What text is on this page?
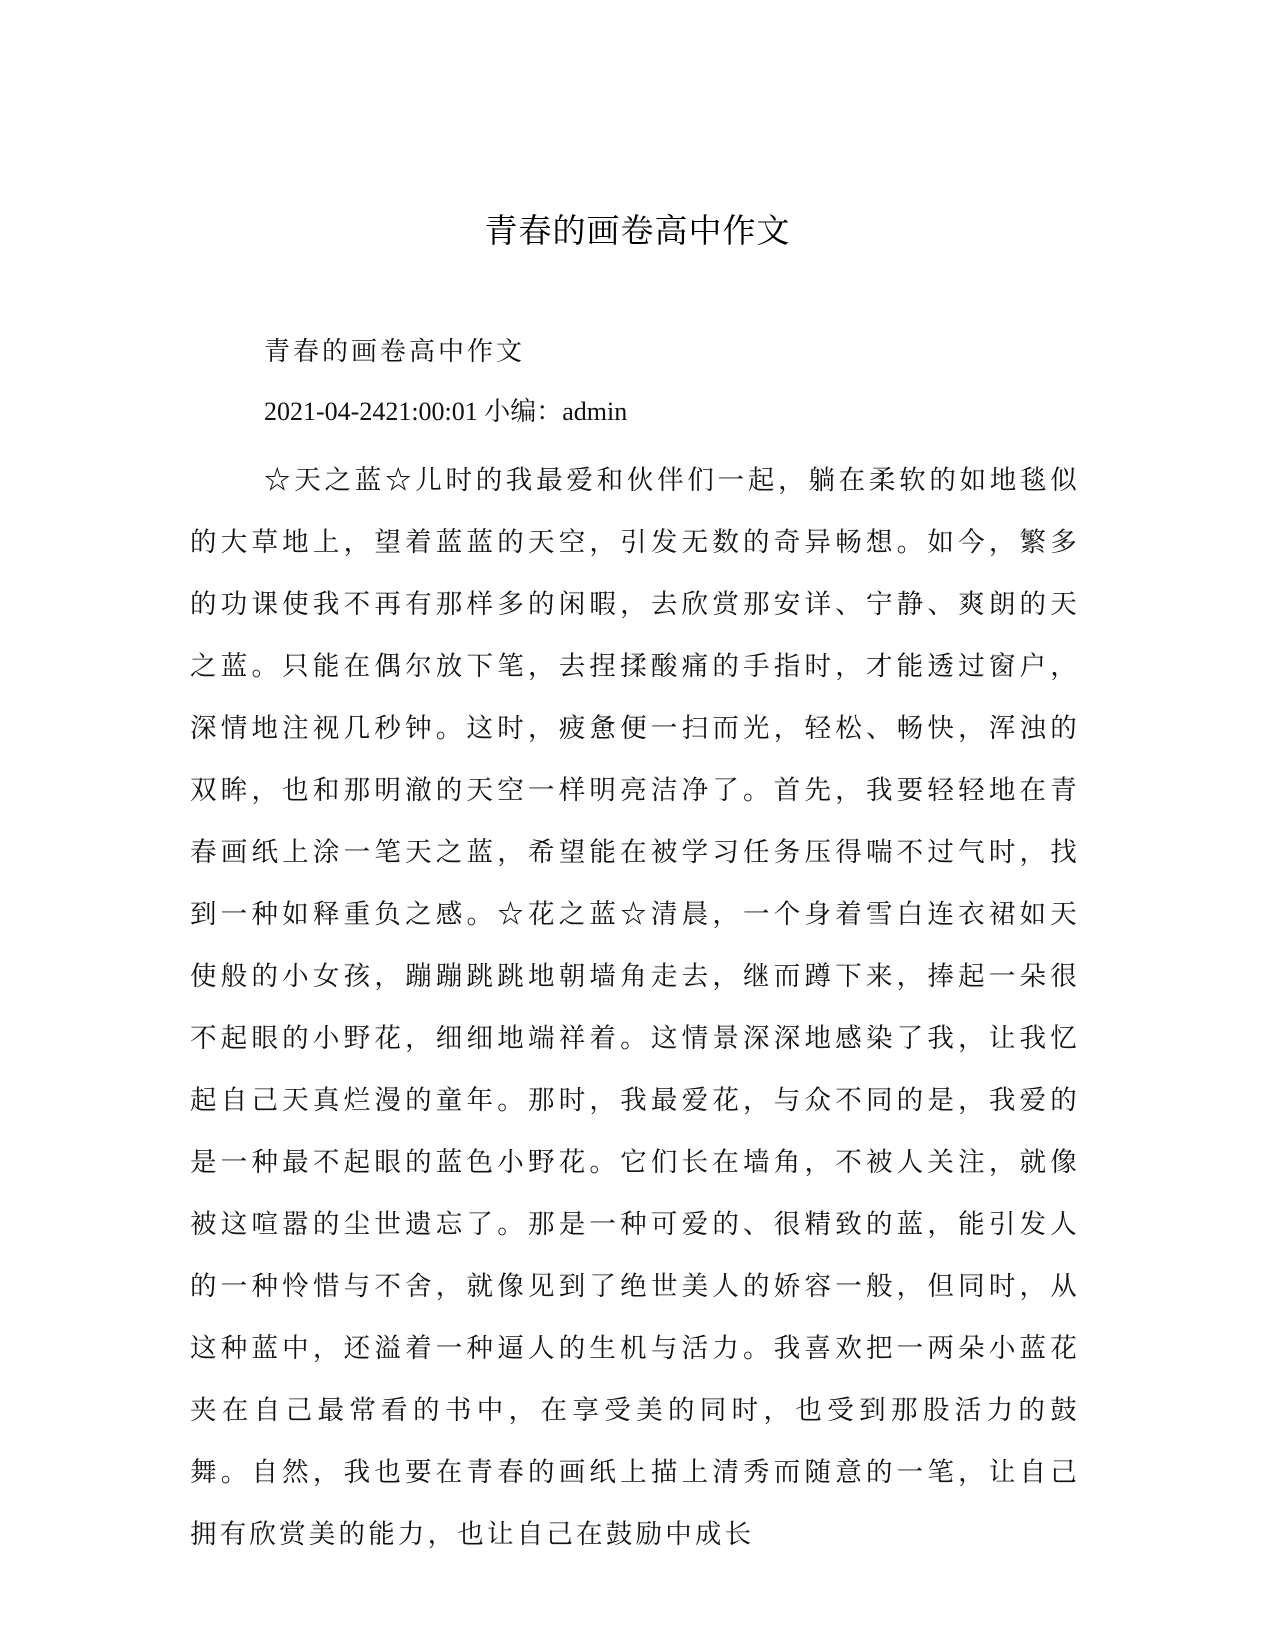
青春的画卷高中作文
青春的画卷高中作文
2021-04-2421:00:01 小编：admin

☆天之蓝☆儿时的我最爱和伙伴们一起，躺在柔软的如地毯似的大草地上，望着蓝蓝的天空，引发无数的奇异畅想。如今，繁多的功课使我不再有那样多的闲暇，去欣赏那安详、宁静、爽朗的天之蓝。只能在偶尔放下笔，去捏揉酸痛的手指时，才能透过窗户，深情地注视几秒钟。这时，疲惫便一扫而光，轻松、畅快，浑浊的双眸，也和那明澈的天空一样明亮洁净了。首先，我要轻轻地在青春画纸上涂一笔天之蓝，希望能在被学习任务压得喘不过气时，找到一种如释重负之感。☆花之蓝☆清晨，一个身着雪白连衣裙如天使般的小女孩，蹦蹦跳跳地朝墙角走去，继而蹲下来，捧起一朵很不起眼的小野花，细细地端祥着。这情景深深地感染了我，让我忆起自己天真烂漫的童年。那时，我最爱花，与众不同的是，我爱的是一种最不起眼的蓝色小野花。它们长在墙角，不被人关注，就像被这喧嚣的尘世遗忘了。那是一种可爱的、很精致的蓝，能引发人的一种怜惜与不舍，就像见到了绝世美人的娇容一般，但同时，从这种蓝中，还溢着一种逼人的生机与活力。我喜欢把一两朵小蓝花夹在自己最常看的书中，在享受美的同时，也受到那股活力的鼓舞。自然，我也要在青春的画纸上描上清秀而随意的一笔，让自己拥有欣赏美的能力，也让自己在鼓励中成长
